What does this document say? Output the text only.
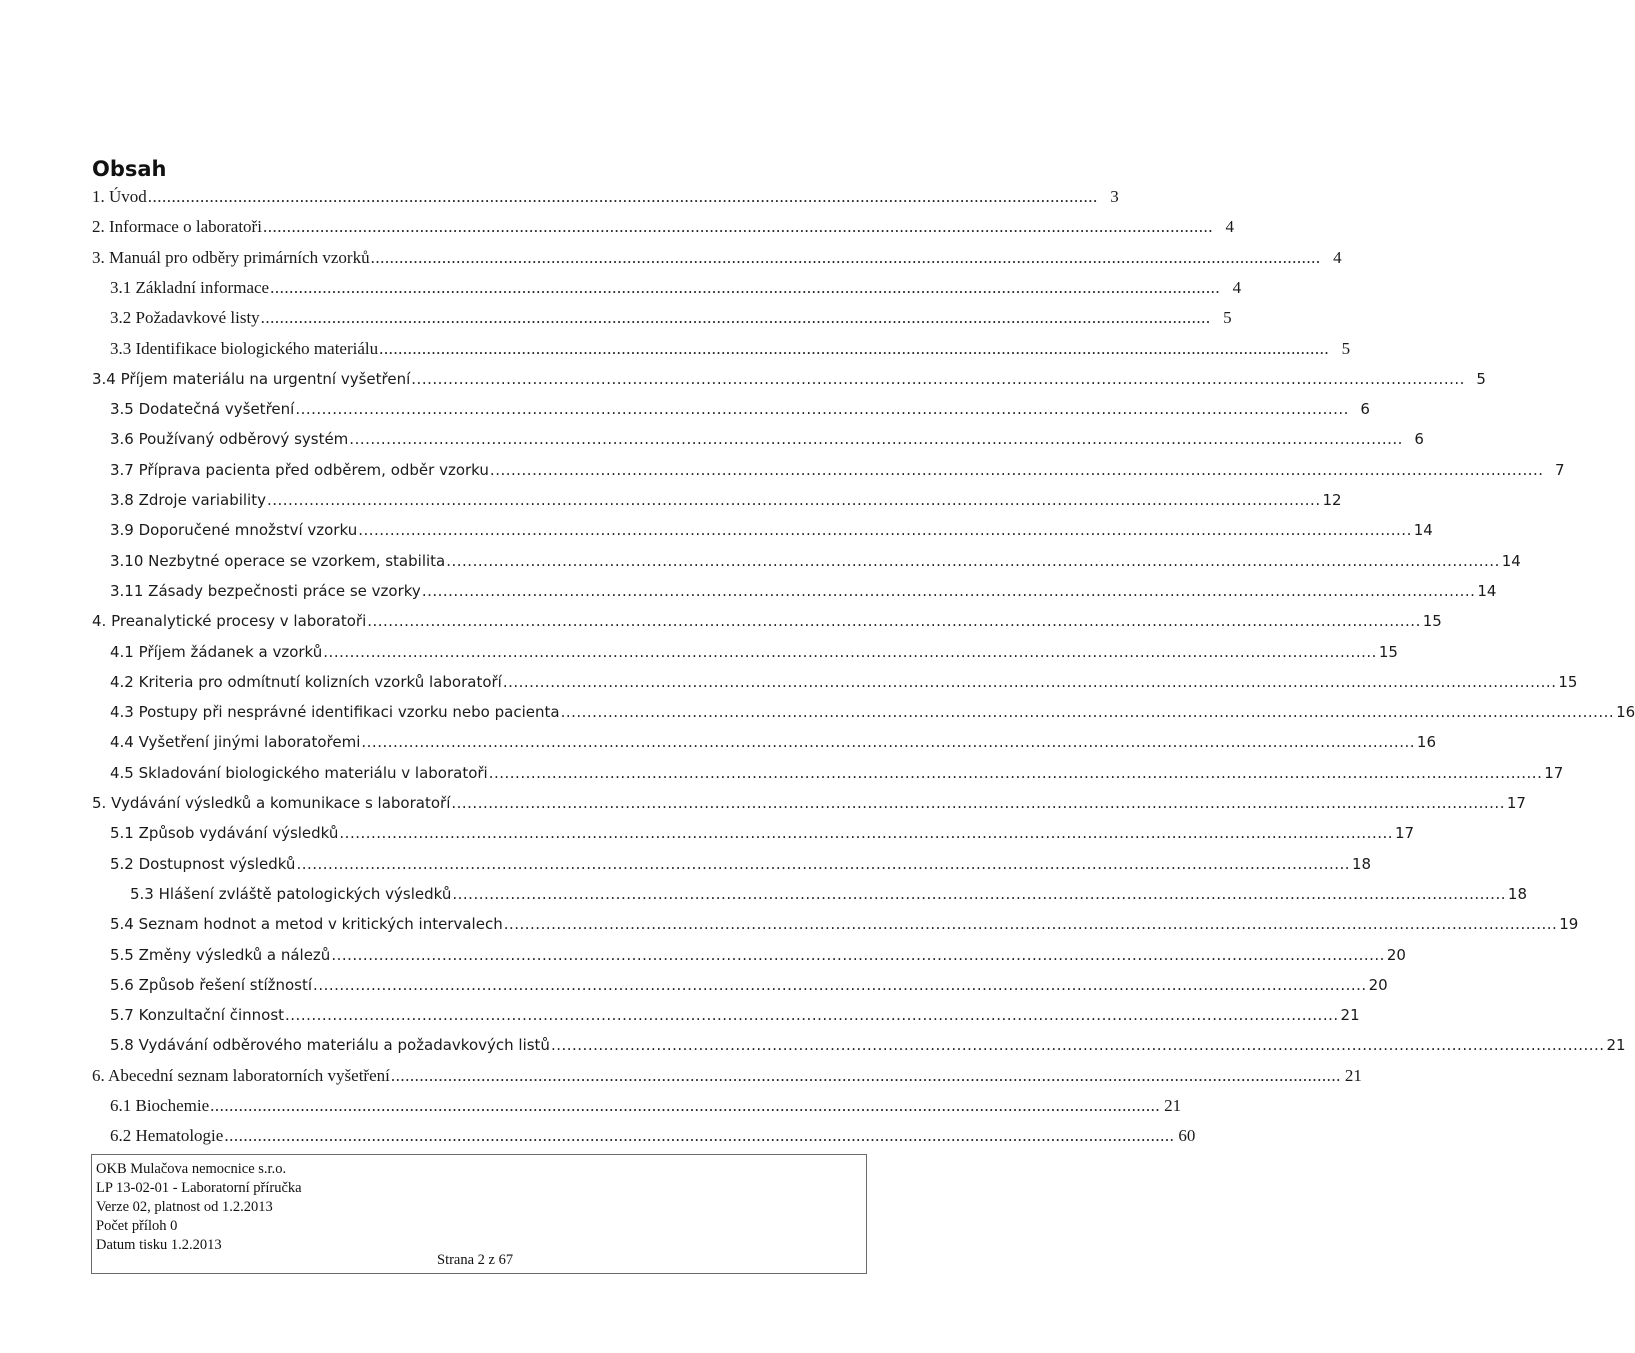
Obsah
1. Úvod ........................................................................................................................................................................................................ 3
2. Informace o laboratoři ........................................................................................................................................................................................................ 4
3. Manuál pro odběry primárních vzorků ........................................................................................................................................................................................................ 4
3.1 Základní informace ........................................................................................................................................................................................................ 4
3.2 Požadavkové listy ........................................................................................................................................................................................................ 5
3.3 Identifikace biologického materiálu ........................................................................................................................................................................................................ 5
3.4 Příjem materiálu na urgentní vyšetření ........................................................................................................................................................................................................ 5
3.5 Dodatečná vyšetření ........................................................................................................................................................................................................ 6
3.6 Používaný odběrový systém ........................................................................................................................................................................................................ 6
3.7 Příprava pacienta před odběrem, odběr vzorku ........................................................................................................................................................................................................ 7
3.8 Zdroje variability ........................................................................................................................................................................................................ 12
3.9 Doporučené množství vzorku ........................................................................................................................................................................................................ 14
3.10 Nezbytné operace se vzorkem, stabilita ........................................................................................................................................................................................................ 14
3.11 Zásady bezpečnosti práce se vzorky ........................................................................................................................................................................................................ 14
4. Preanalytické procesy v laboratoři ........................................................................................................................................................................................................ 15
4.1 Příjem žádanek a vzorků ........................................................................................................................................................................................................ 15
4.2 Kriteria pro odmítnutí kolizních vzorků laboratoří ........................................................................................................................................................................................................ 15
4.3 Postupy při nesprávné identifikaci vzorku nebo pacienta ........................................................................................................................................................................................................ 16
4.4 Vyšetření jinými laboratořemi ........................................................................................................................................................................................................ 16
4.5 Skladování biologického materiálu v laboratoři ........................................................................................................................................................................................................ 17
5. Vydávání výsledků a komunikace s laboratoří ........................................................................................................................................................................................................ 17
5.1 Způsob vydávání výsledků ........................................................................................................................................................................................................ 17
5.2 Dostupnost výsledků ........................................................................................................................................................................................................ 18
5.3 Hlášení zvláště patologických výsledků ........................................................................................................................................................................................................ 18
5.4 Seznam hodnot a metod v kritických intervalech ........................................................................................................................................................................................................ 19
5.5 Změny výsledků a nálezů ........................................................................................................................................................................................................ 20
5.6 Způsob řešení stížností ........................................................................................................................................................................................................ 20
5.7 Konzultační činnost ........................................................................................................................................................................................................ 21
5.8 Vydávání odběrového materiálu a požadavkových listů ........................................................................................................................................................................................................ 21
6. Abecední seznam laboratorních vyšetření ........................................................................................................................................................................................................ 21
6.1 Biochemie ........................................................................................................................................................................................................ 21
6.2 Hematologie ........................................................................................................................................................................................................ 60
OKB Mulačova nemocnice s.r.o.
LP 13-02-01 - Laboratorní příručka
Verze 02, platnost od 1.2.2013
Počet příloh 0
Datum tisku 1.2.2013
Strana 2 z 67
